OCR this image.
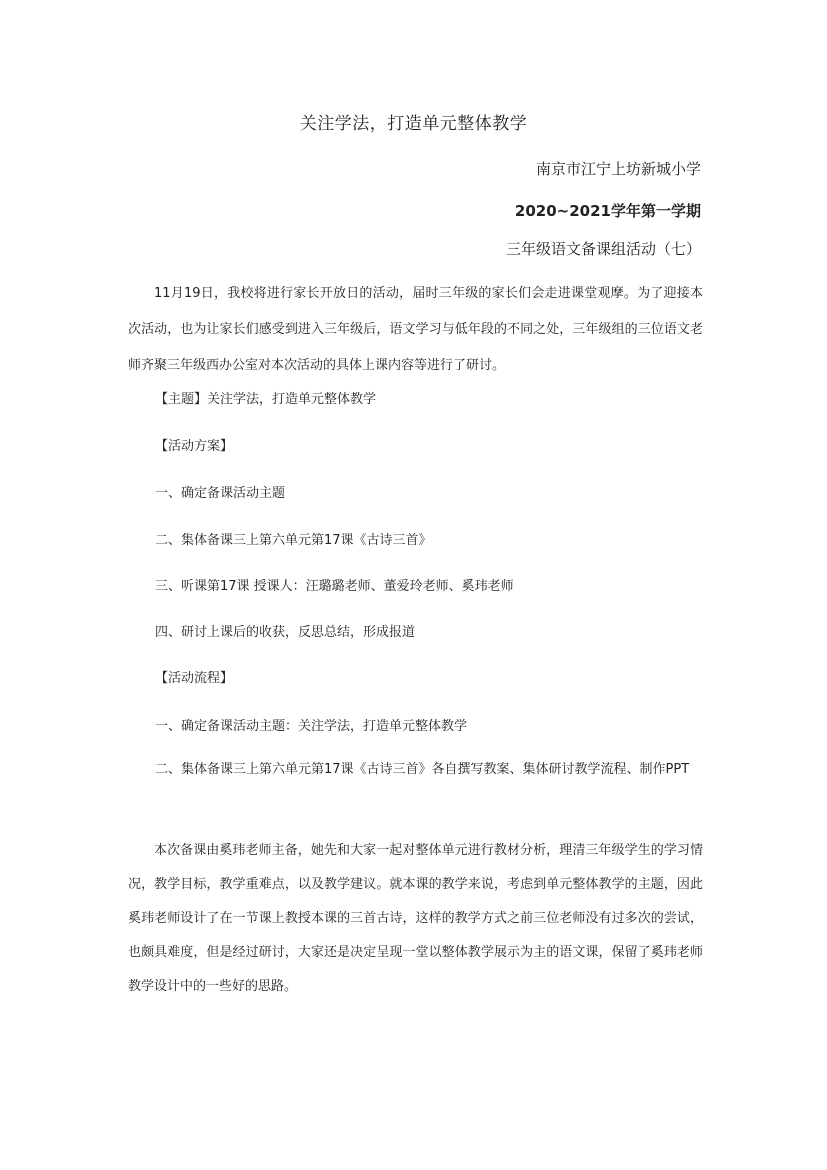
关注学法，打造单元整体教学
南京市江宁上坊新城小学
2020~2021学年第一学期
三年级语文备课组活动（七）

11月19日，我校将进行家长开放日的活动，届时三年级的家长们会走进课堂观摩。为了迎接本次活动，也为让家长们感受到进入三年级后，语文学习与低年段的不同之处，三年级组的三位语文老师齐聚三年级西办公室对本次活动的具体上课内容等进行了研讨。

【主题】关注学法，打造单元整体教学
【活动方案】
一、确定备课活动主题
二、集体备课三上第六单元第17课《古诗三首》
三、听课第17课 授课人：汪璐璐老师、董爱玲老师、奚玮老师
四、研讨上课后的收获，反思总结，形成报道
【活动流程】
一、确定备课活动主题：关注学法，打造单元整体教学
二、集体备课三上第六单元第17课《古诗三首》各自撰写教案、集体研讨教学流程、制作PPT

本次备课由奚玮老师主备，她先和大家一起对整体单元进行教材分析，理清三年级学生的学习情况，教学目标，教学重难点，以及教学建议。就本课的教学来说，考虑到单元整体教学的主题，因此奚玮老师设计了在一节课上教授本课的三首古诗，这样的教学方式之前三位老师没有过多次的尝试，也颇具难度，但是经过研讨，大家还是决定呈现一堂以整体教学展示为主的语文课，保留了奚玮老师教学设计中的一些好的思路。
